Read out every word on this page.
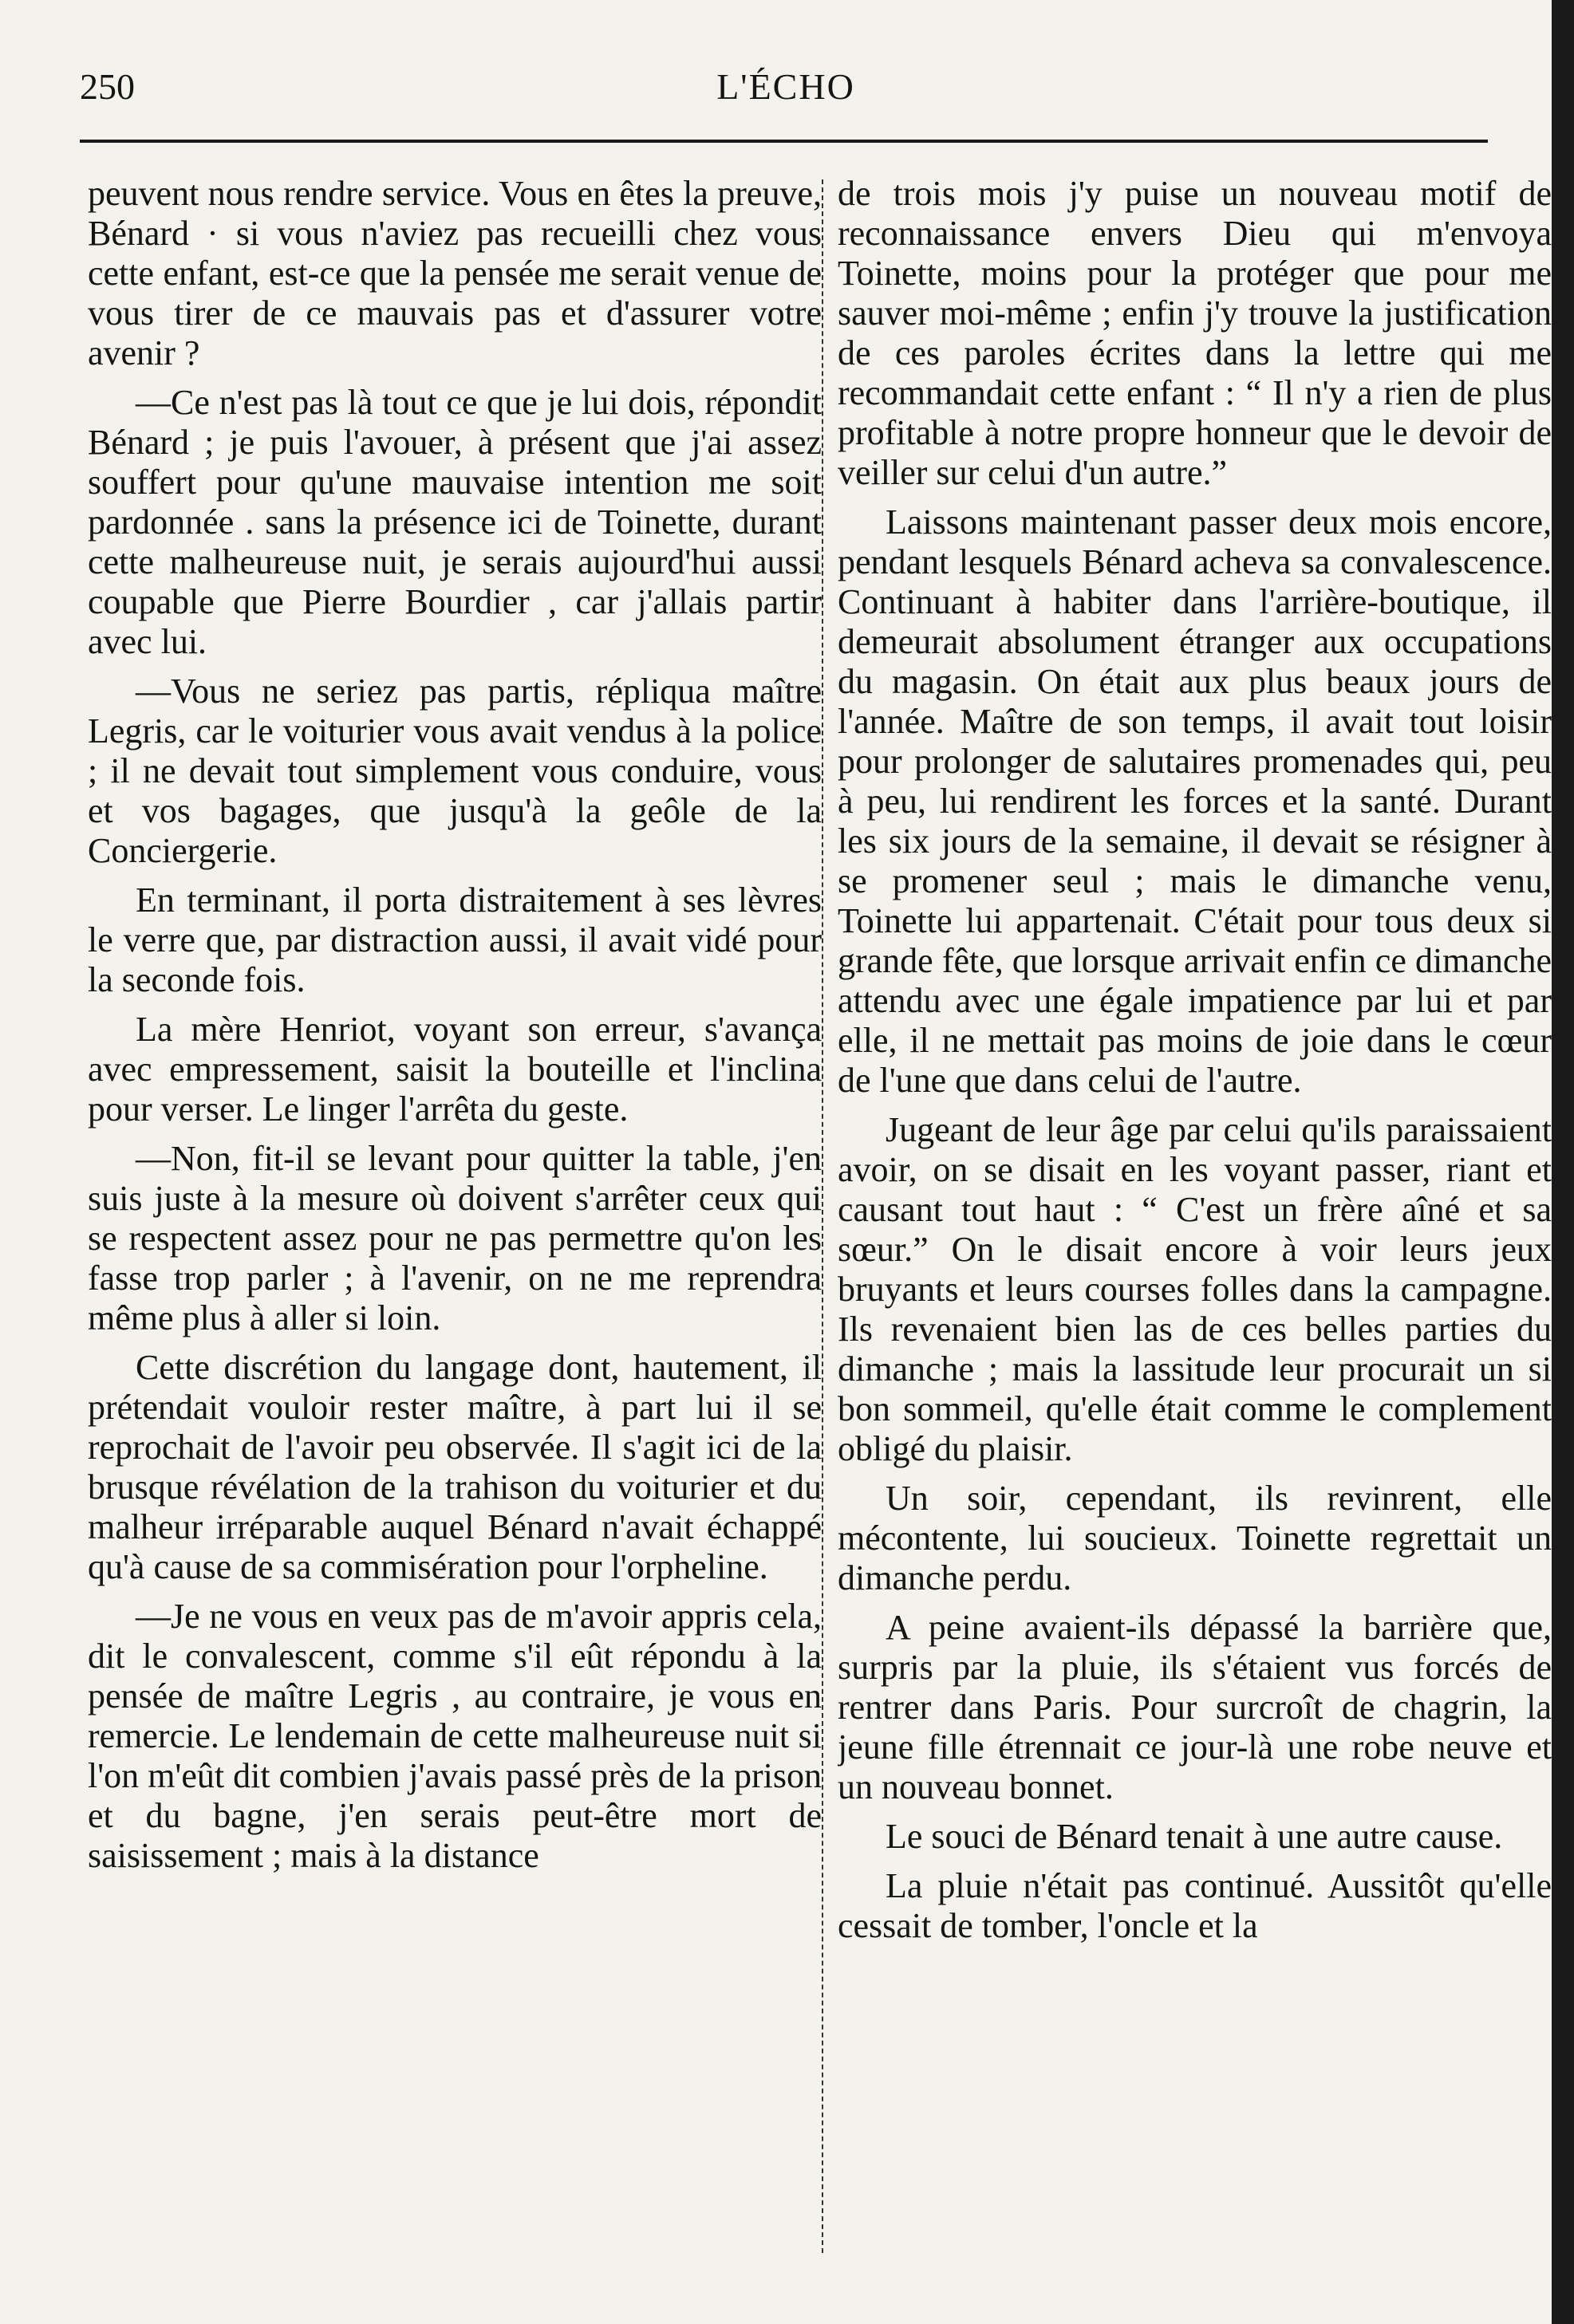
250	L'ÉCHO

peuvent nous rendre service. Vous en êtes la preuve, Bénard · si vous n'aviez pas recueilli chez vous cette enfant, est-ce que la pensée me serait venue de vous tirer de ce mauvais pas et d'assurer votre avenir ?

—Ce n'est pas là tout ce que je lui dois, répondit Bénard ; je puis l'avouer, à présent que j'ai assez souffert pour qu'une mauvaise intention me soit pardonnée . sans la présence ici de Toinette, durant cette malheureuse nuit, je serais aujourd'hui aussi coupable que Pierre Bourdier , car j'allais partir avec lui.

—Vous ne seriez pas partis, répliqua maître Legris, car le voiturier vous avait vendus à la police ; il ne devait tout simplement vous conduire, vous et vos bagages, que jusqu'à la geôle de la Conciergerie.

En terminant, il porta distraitement à ses lèvres le verre que, par distraction aussi, il avait vidé pour la seconde fois.

La mère Henriot, voyant son erreur, s'avança avec empressement, saisit la bouteille et l'inclina pour verser. Le linger l'arrêta du geste.

—Non, fit-il se levant pour quitter la table, j'en suis juste à la mesure où doivent s'arrêter ceux qui se respectent assez pour ne pas permettre qu'on les fasse trop parler ; à l'avenir, on ne me reprendra même plus à aller si loin.

Cette discrétion du langage dont, hautement, il prétendait vouloir rester maître, à part lui il se reprochait de l'avoir peu observée. Il s'agit ici de la brusque révélation de la trahison du voiturier et du malheur irréparable auquel Bénard n'avait échappé qu'à cause de sa commisération pour l'orpheline.

—Je ne vous en veux pas de m'avoir appris cela, dit le convalescent, comme s'il eût répondu à la pensée de maître Legris , au contraire, je vous en remercie. Le lendemain de cette malheureuse nuit si l'on m'eût dit combien j'avais passé près de la prison et du bagne, j'en serais peut-être mort de saisissement ; mais à la distance

de trois mois j'y puise un nouveau motif de reconnaissance envers Dieu qui m'envoya Toinette, moins pour la protéger que pour me sauver moi-même ; enfin j'y trouve la justification de ces paroles écrites dans la lettre qui me recommandait cette enfant : “ Il n'y a rien de plus profitable à notre propre honneur que le devoir de veiller sur celui d'un autre.”

Laissons maintenant passer deux mois encore, pendant lesquels Bénard acheva sa convalescence. Continuant à habiter dans l'arrière-boutique, il demeurait absolument étranger aux occupations du magasin. On était aux plus beaux jours de l'année. Maître de son temps, il avait tout loisir pour prolonger de salutaires promenades qui, peu à peu, lui rendirent les forces et la santé. Durant les six jours de la semaine, il devait se résigner à se promener seul ; mais le dimanche venu, Toinette lui appartenait. C'était pour tous deux si grande fête, que lorsque arrivait enfin ce dimanche attendu avec une égale impatience par lui et par elle, il ne mettait pas moins de joie dans le cœur de l'une que dans celui de l'autre.

Jugeant de leur âge par celui qu'ils paraissaient avoir, on se disait en les voyant passer, riant et causant tout haut : “ C'est un frère aîné et sa sœur.” On le disait encore à voir leurs jeux bruyants et leurs courses folles dans la campagne. Ils revenaient bien las de ces belles parties du dimanche ; mais la lassitude leur procurait un si bon sommeil, qu'elle était comme le complement obligé du plaisir.

Un soir, cependant, ils revinrent, elle mécontente, lui soucieux. Toinette regrettait un dimanche perdu.

A peine avaient-ils dépassé la barrière que, surpris par la pluie, ils s'étaient vus forcés de rentrer dans Paris. Pour surcroît de chagrin, la jeune fille étrennait ce jour-là une robe neuve et un nouveau bonnet.

Le souci de Bénard tenait à une autre cause.

La pluie n'était pas continué. Aussitôt qu'elle cessait de tomber, l'oncle et la
